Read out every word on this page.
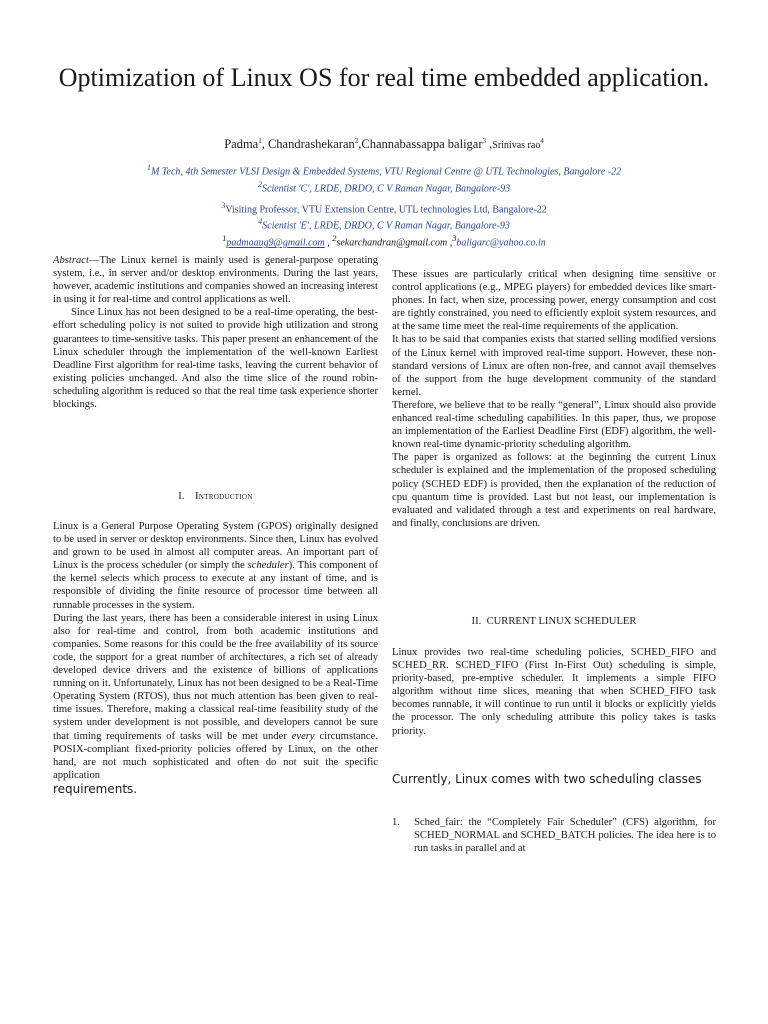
Optimization of Linux OS for real time embedded application.
Padma$^1$, Chandrashekaran$^2$,Channabassappa baligar$^3$ ,Srinivas rao$^4$
$^1$M Tech, 4th Semester VLSI Design & Embedded Systems, VTU Regional Centre @ UTL Technologies, Bangalore -22
$^2$Scientist 'C', LRDE, DRDO, C V Raman Nagar, Bangalore-93
$^3$Visiting Professor, VTU Extension Centre, UTL technologies Ltd, Bangalore-22
$^4$Scientist 'E', LRDE, DRDO, C V Raman Nagar, Bangalore-93
$^1$padmaaug9@gmail.com , $^2$sekarchandran@gmail.com ,$^3$baligarc@yahoo.co.in

Abstract—The Linux kernel is mainly used is general-purpose operating system, i.e., in server and/or desktop environments. During the last years, however, academic institutions and companies showed an increasing interest in using it for real-time and control applications as well.

Since Linux has not been designed to be a real-time operating, the best-effort scheduling policy is not suited to provide high utilization and strong guarantees to time-sensitive tasks. This paper present an enhancement of the Linux scheduler through the implementation of the well-known Earliest Deadline First algorithm for real-time tasks, leaving the current behavior of existing policies unchanged. And also the time slice of the round robin-scheduling algorithm is reduced so that the real time task experience shorter blockings.

I. Introduction

Linux is a General Purpose Operating System (GPOS) originally designed to be used in server or desktop environments. Since then, Linux has evolved and grown to be used in almost all computer areas. An important part of Linux is the process scheduler (or simply the scheduler). This component of the kernel selects which process to execute at any instant of time, and is responsible of dividing the finite resource of processor time between all runnable processes in the system.

During the last years, there has been a considerable interest in using Linux also for real-time and control, from both academic institutions and companies. Some reasons for this could be the free availability of its source code, the support for a great number of architectures, a rich set of already developed device drivers and the existence of billions of applications running on it. Unfortunately, Linux has not been designed to be a Real-Time Operating System (RTOS), thus not much attention has been given to real-time issues. Therefore, making a classical real-time feasibility study of the system under development is not possible, and developers cannot be sure that timing requirements of tasks will be met under every circumstance. POSIX-compliant fixed-priority policies offered by Linux, on the other hand, are not much sophisticated and often do not suit the specific application

requirements.

These issues are particularly critical when designing time sensitive or control applications (e.g., MPEG players) for embedded devices like smart-phones. In fact, when size, processing power, energy consumption and cost are tightly constrained, you need to efficiently exploit system resources, and at the same time meet the real-time requirements of the application.

It has to be said that companies exists that started selling modified versions of the Linux kernel with improved real-time support. However, these non-standard versions of Linux are often non-free, and cannot avail themselves of the support from the huge development community of the standard kernel.

Therefore, we believe that to be really “general”, Linux should also provide enhanced real-time scheduling capabilities. In this paper, thus, we propose an implementation of the Earliest Deadline First (EDF) algorithm, the well-known real-time dynamic-priority scheduling algorithm.

The paper is organized as follows: at the beginning the current Linux scheduler is explained and the implementation of the proposed scheduling policy (SCHED EDF) is provided, then the explanation of the reduction of cpu quantum time is provided. Last but not least, our implementation is evaluated and validated through a test and experiments on real hardware, and finally, conclusions are driven.

II. CURRENT LINUX SCHEDULER

Linux provides two real-time scheduling policies, SCHED_FIFO and SCHED_RR. SCHED_FIFO (First In-First Out) scheduling is simple, priority-based, pre-emptive scheduler. It implements a simple FIFO algorithm without time slices, meaning that when SCHED_FIFO task becomes runnable, it will continue to run until it blocks or explicitly yields the processor. The only scheduling attribute this policy takes is tasks priority.

Currently, Linux comes with two scheduling classes
1. Sched_fair: the “Completely Fair Scheduler” (CFS) algorithm, for SCHED_NORMAL and SCHED_BATCH policies. The idea here is to run tasks in parallel and at
